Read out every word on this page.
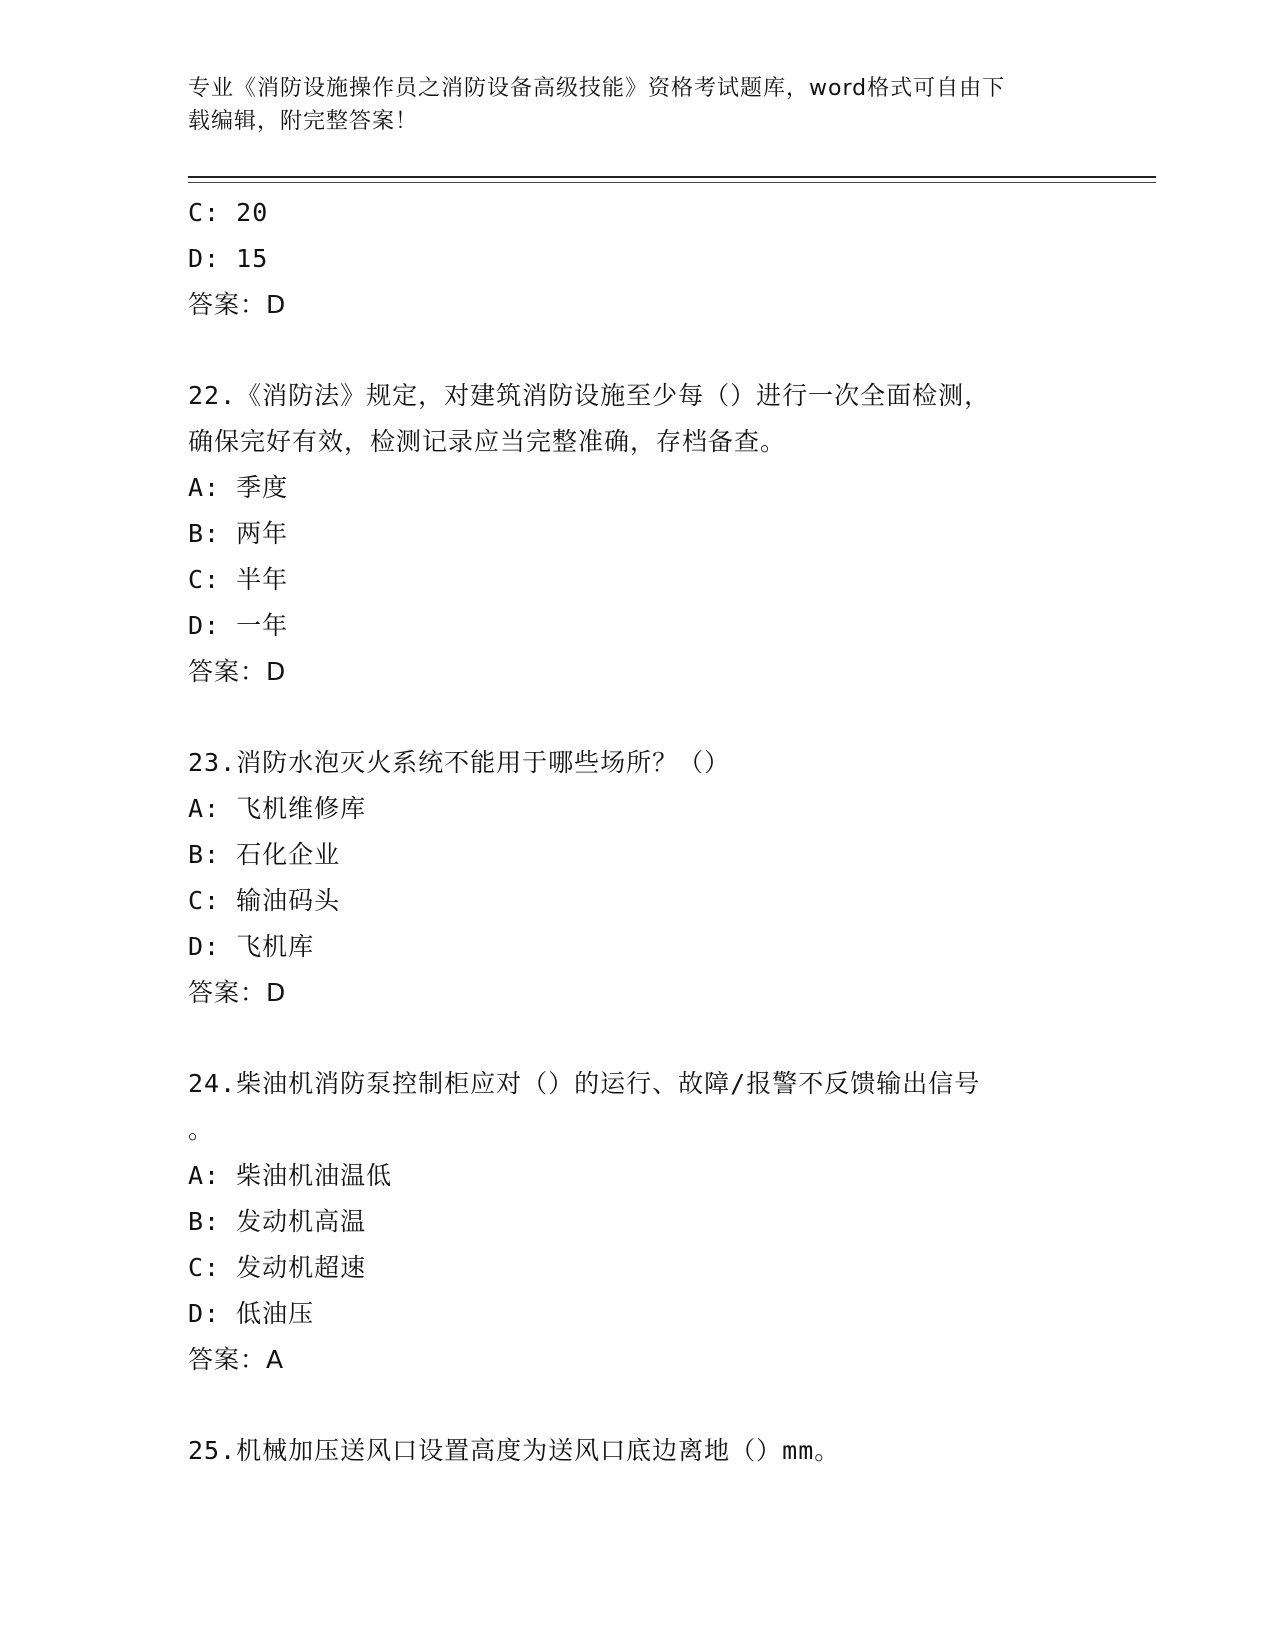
专业《消防设施操作员之消防设备高级技能》资格考试题库，word格式可自由下
载编辑，附完整答案！
C: 20
D: 15
答案：D
22.《消防法》规定，对建筑消防设施至少每（）进行一次全面检测，
确保完好有效，检测记录应当完整准确，存档备查。
A: 季度
B: 两年
C: 半年
D: 一年
答案：D
23.消防水泡灭火系统不能用于哪些场所？（）
A: 飞机维修库
B: 石化企业
C: 输油码头
D: 飞机库
答案：D
24.柴油机消防泵控制柜应对（）的运行、故障/报警不反馈输出信号
。
A: 柴油机油温低
B: 发动机高温
C: 发动机超速
D: 低油压
答案：A
25.机械加压送风口设置高度为送风口底边离地（）mm。
